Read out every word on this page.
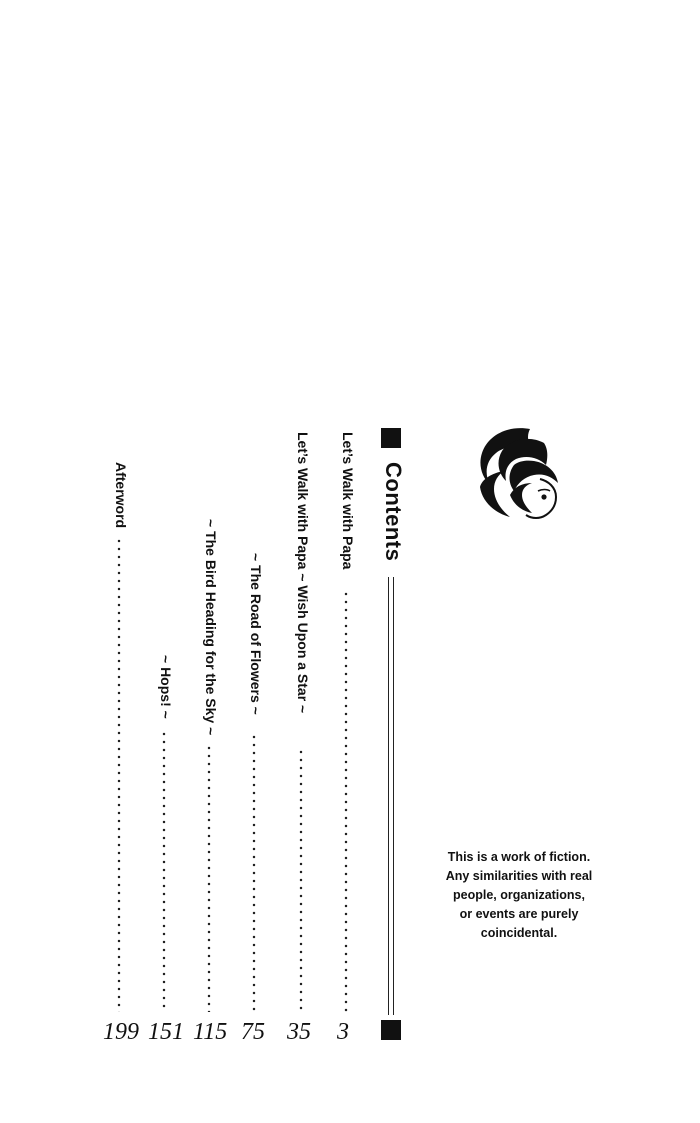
Contents
Let’s Walk with Papa
3
Let’s Walk with Papa ~ Wish Upon a Star ~
35
~ The Road of Flowers ~
75
~ The Bird Heading for the Sky ~
115
~ Hops! ~
151
Afterword
199
This is a work of fiction.
Any similarities with real
people, organizations,
or events are purely
coincidental.
